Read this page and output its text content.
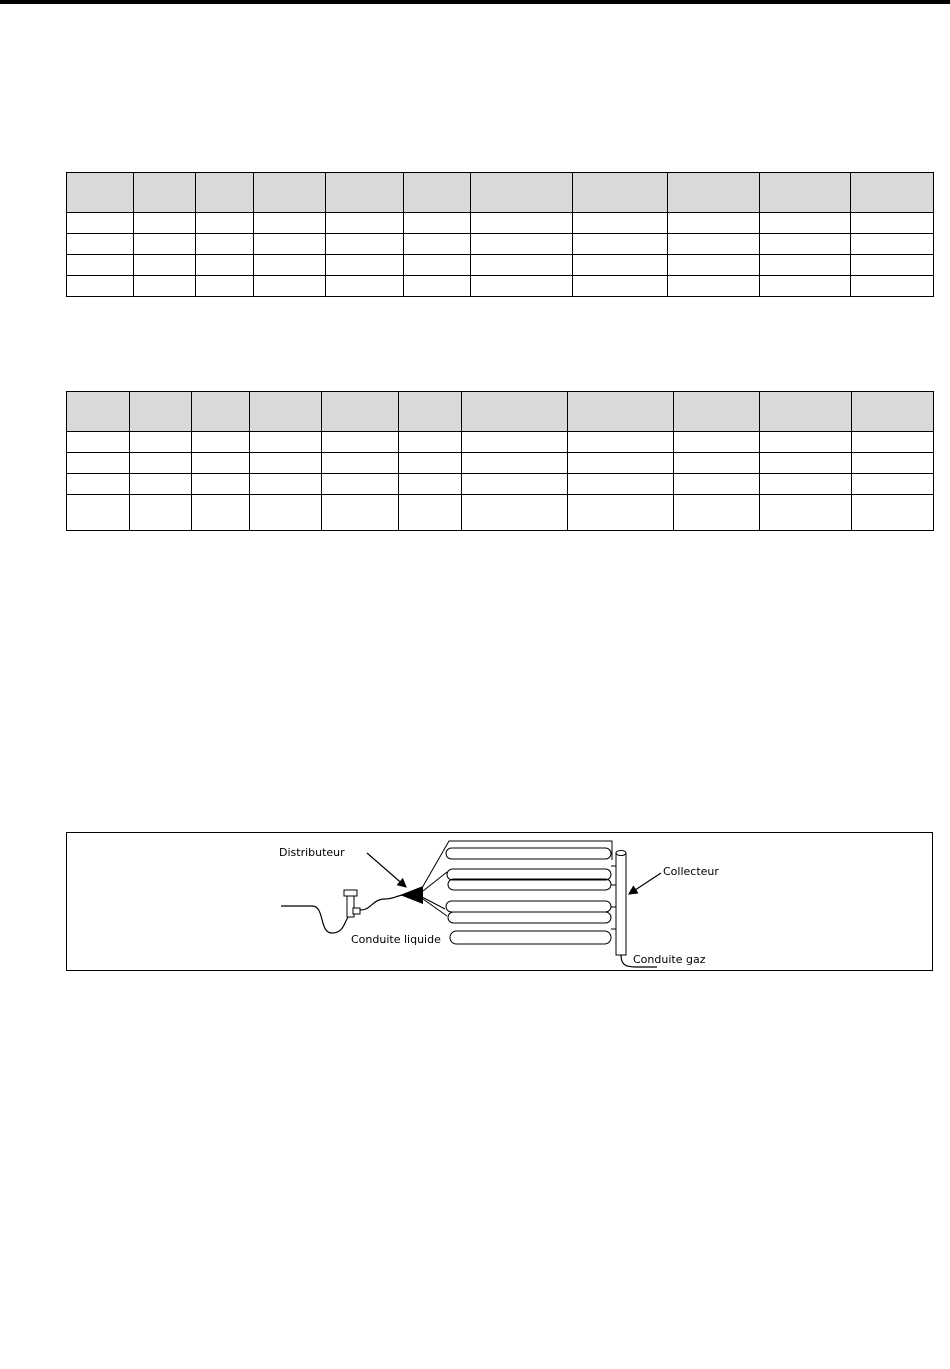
Distributeur
Collecteur
Conduite liquide
Conduite gaz
